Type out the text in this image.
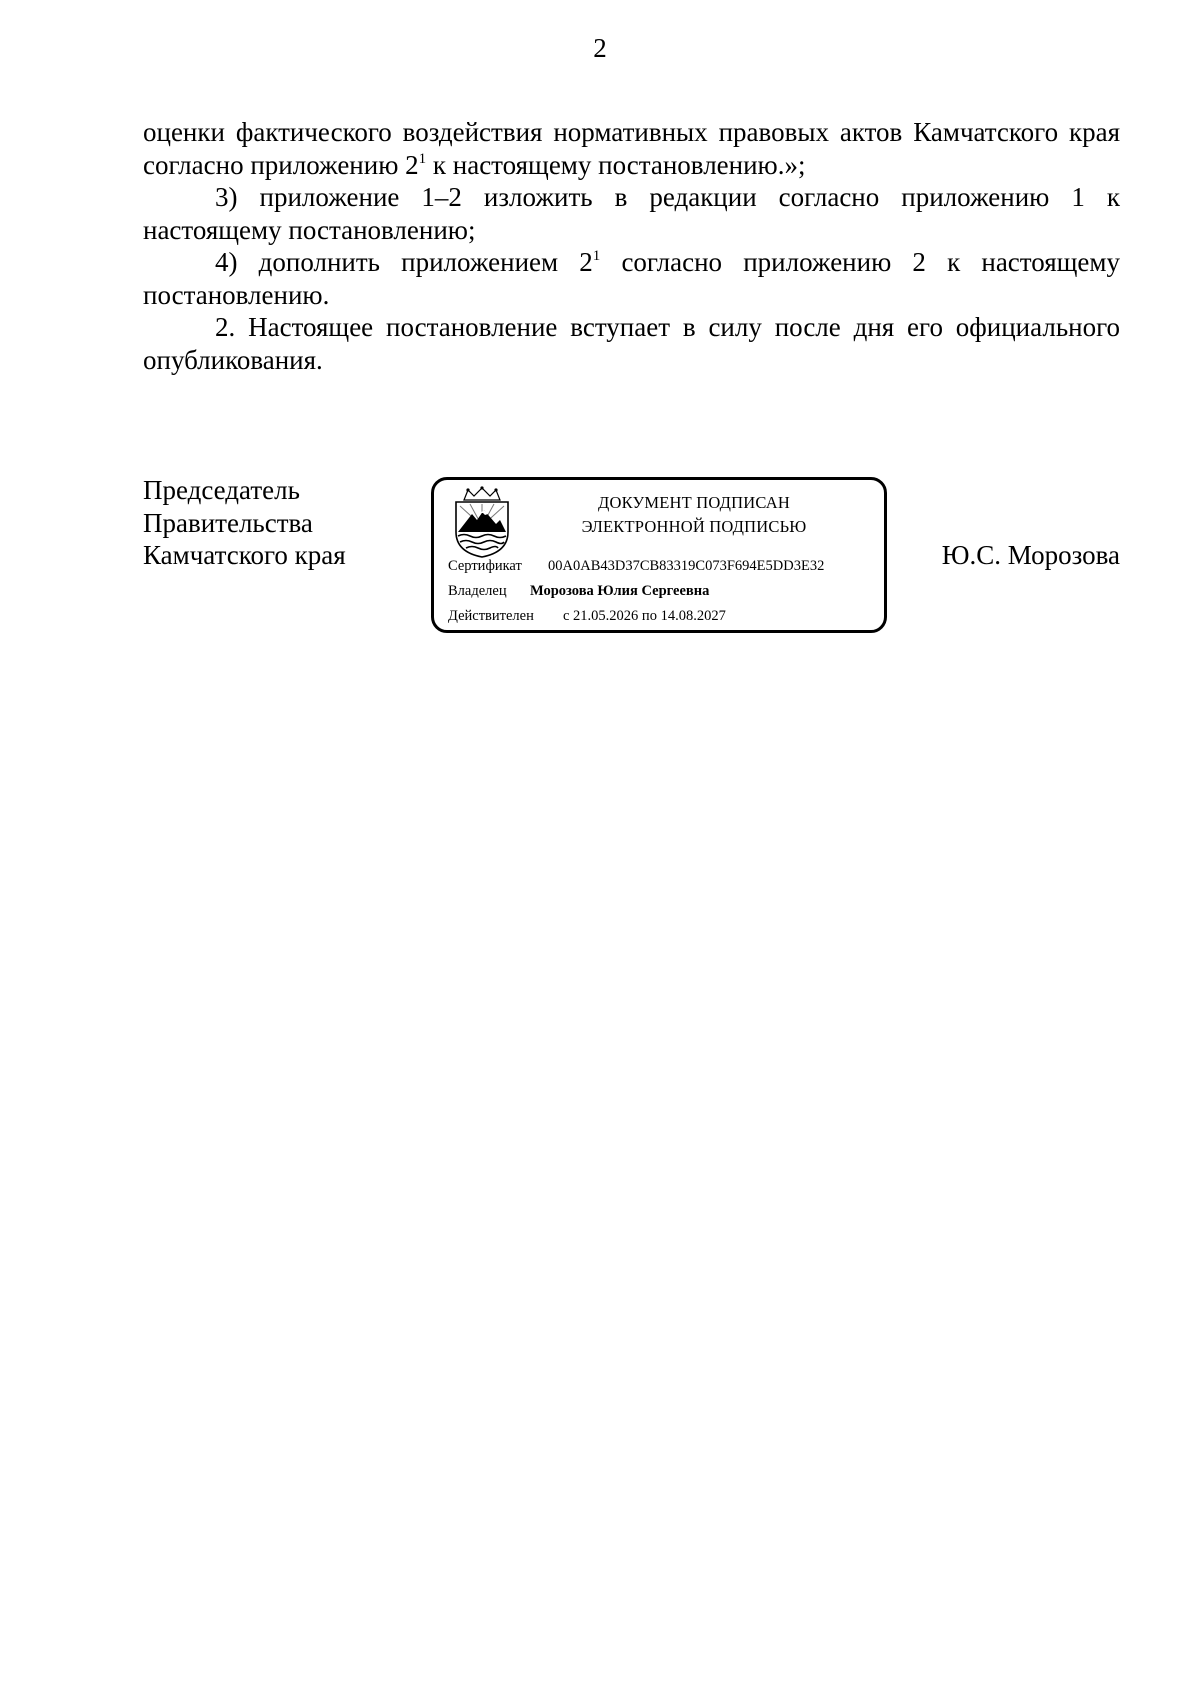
2

оценки фактического воздействия нормативных правовых актов Камчатского края согласно приложению $2^1$ к настоящему постановлению.»;

3) приложение 1–2 изложить в редакции согласно приложению 1 к настоящему постановлению;

4) дополнить приложением $2^1$ согласно приложению 2 к настоящему постановлению.

2. Настоящее постановление вступает в силу после дня его официального опубликования.

Председатель
Правительства
Камчатского края
ДОКУМЕНТ ПОДПИСАН
ЭЛЕКТРОННОЙ ПОДПИСЬЮ
Сертификат 00A0AB43D37CB83319C073F694E5DD3E32
Владелец Морозова Юлия Сергеевна
Действителен с 21.05.2026 по 14.08.2027
Ю.С. Морозова
